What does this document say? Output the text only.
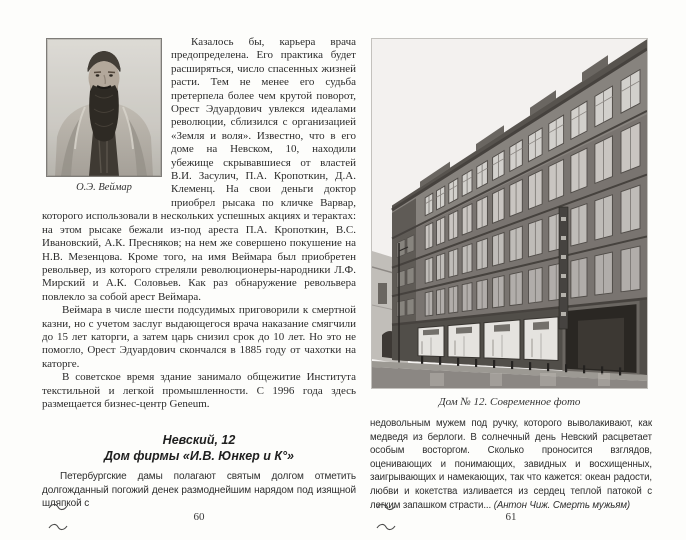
О.Э. Веймар

Казалось бы, карьера врача предопределена. Его практика будет расширяться, число спасенных жизней расти. Тем не менее его судьба претерпела более чем крутой поворот, Орест Эдуардович увлекся идеалами революции, сблизился с организацией «Земля и воля». Известно, что в его доме на Невском, 10, находили убежище скрывавшиеся от властей В.И. Засулич, П.А. Кропоткин, Д.А. Клеменц. На свои деньги доктор приобрел рысака по кличке Варвар, которого использовали в нескольких успешных акциях и терактах: на этом рысаке бежали из-под ареста П.А. Кропоткин, В.С. Ивановский, А.К. Пресняков; на нем же совершено покушение на Н.В. Мезенцова. Кроме того, на имя Веймара был приобретен револьвер, из которого стреляли революционеры-народники Л.Ф. Мирский и А.К. Соловьев. Как раз обнаружение револьвера повлекло за собой арест Веймара.

Веймара в числе шести подсудимых приговорили к смертной казни, но с учетом заслуг выдающегося врача наказание смягчили до 15 лет каторги, а затем царь снизил срок до 10 лет. Но это не помогло, Орест Эдуардович скончался в 1885 году от чахотки на каторге.

В советское время здание занимало общежитие Института текстильной и легкой промышленности. С 1996 года здесь размещается бизнес-центр Geneum.

Невский, 12
Дом фирмы «И.В. Юнкер и К°»

Петербургские дамы полагают святым долгом отметить долгожданный погожий денек размоднейшим нарядом под изящной шляпкой с

60
Дом № 12. Современное фото

недовольным мужем под ручку, которого выволакивают, как медведя из берлоги. В солнечный день Невский расцветает особым восторгом. Сколько проносится взглядов, оценивающих и понимающих, завидных и восхищенных, заигрывающих и намекающих, так что кажется: океан радости, любви и кокетства изливается из сердец теплой патокой с легким запашком страсти... (Антон Чиж. Смерть мужьям)

61
